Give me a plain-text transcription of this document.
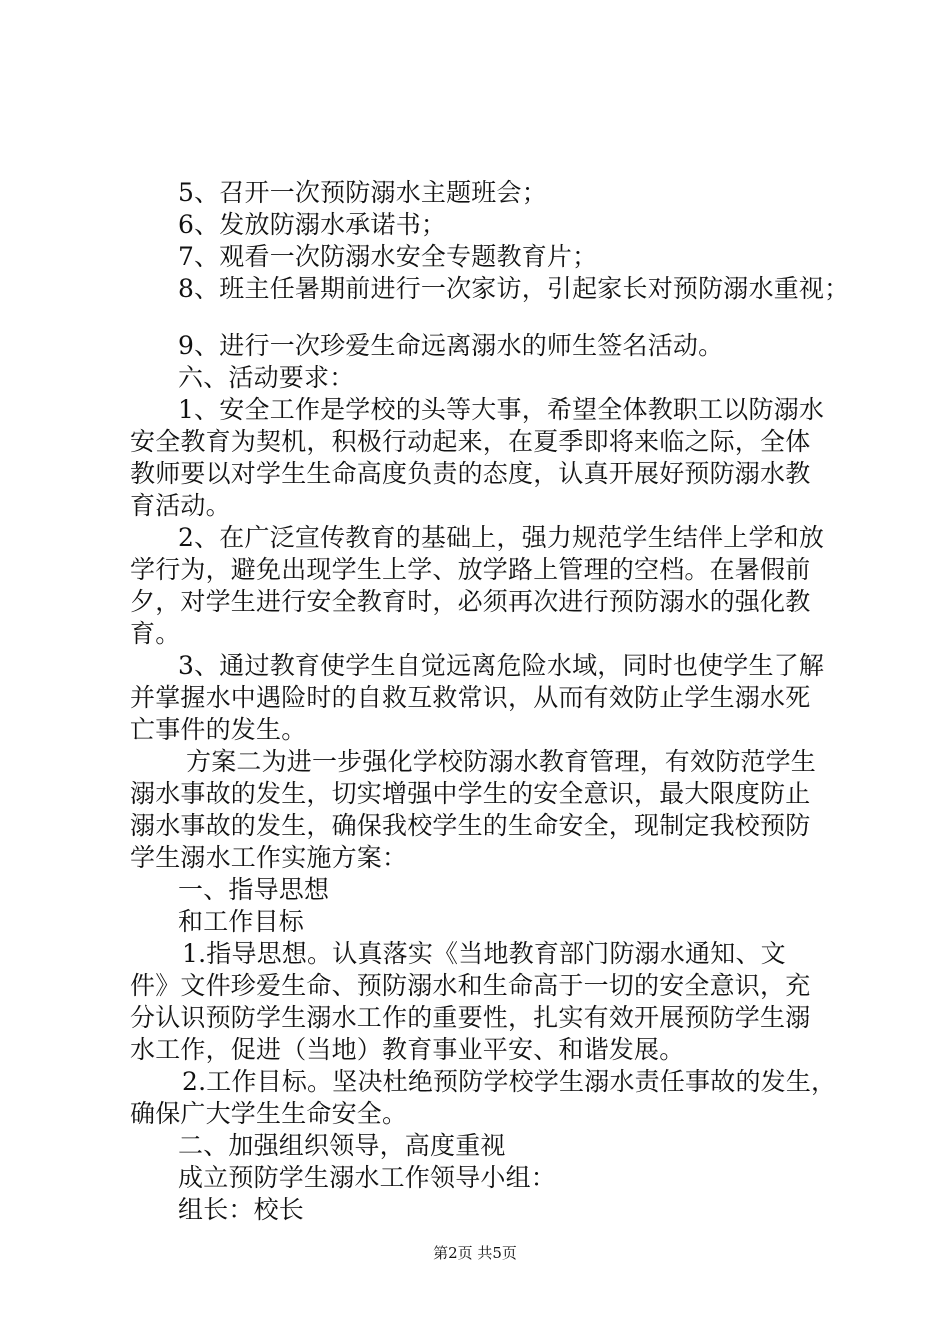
5、召开一次预防溺水主题班会；
6、发放防溺水承诺书；
7、观看一次防溺水安全专题教育片；
8、班主任暑期前进行一次家访，引起家长对预防溺水重视；
9、进行一次珍爱生命远离溺水的师生签名活动。
六、活动要求：
1、安全工作是学校的头等大事，希望全体教职工以防溺水
安全教育为契机，积极行动起来，在夏季即将来临之际，全体
教师要以对学生生命高度负责的态度，认真开展好预防溺水教
育活动。
2、在广泛宣传教育的基础上，强力规范学生结伴上学和放
学行为，避免出现学生上学、放学路上管理的空档。在暑假前
夕，对学生进行安全教育时，必须再次进行预防溺水的强化教
育。
3、通过教育使学生自觉远离危险水域，同时也使学生了解
并掌握水中遇险时的自救互救常识，从而有效防止学生溺水死
亡事件的发生。
方案二为进一步强化学校防溺水教育管理，有效防范学生
溺水事故的发生，切实增强中学生的安全意识，最大限度防止
溺水事故的发生，确保我校学生的生命安全，现制定我校预防
学生溺水工作实施方案：
一、指导思想
和工作目标
1.指导思想。认真落实《当地教育部门防溺水通知、文
件》文件珍爱生命、预防溺水和生命高于一切的安全意识，充
分认识预防学生溺水工作的重要性，扎实有效开展预防学生溺
水工作，促进（当地）教育事业平安、和谐发展。
2.工作目标。坚决杜绝预防学校学生溺水责任事故的发生，
确保广大学生生命安全。
二、加强组织领导，高度重视
成立预防学生溺水工作领导小组：
组长：校长
第2页 共5页
